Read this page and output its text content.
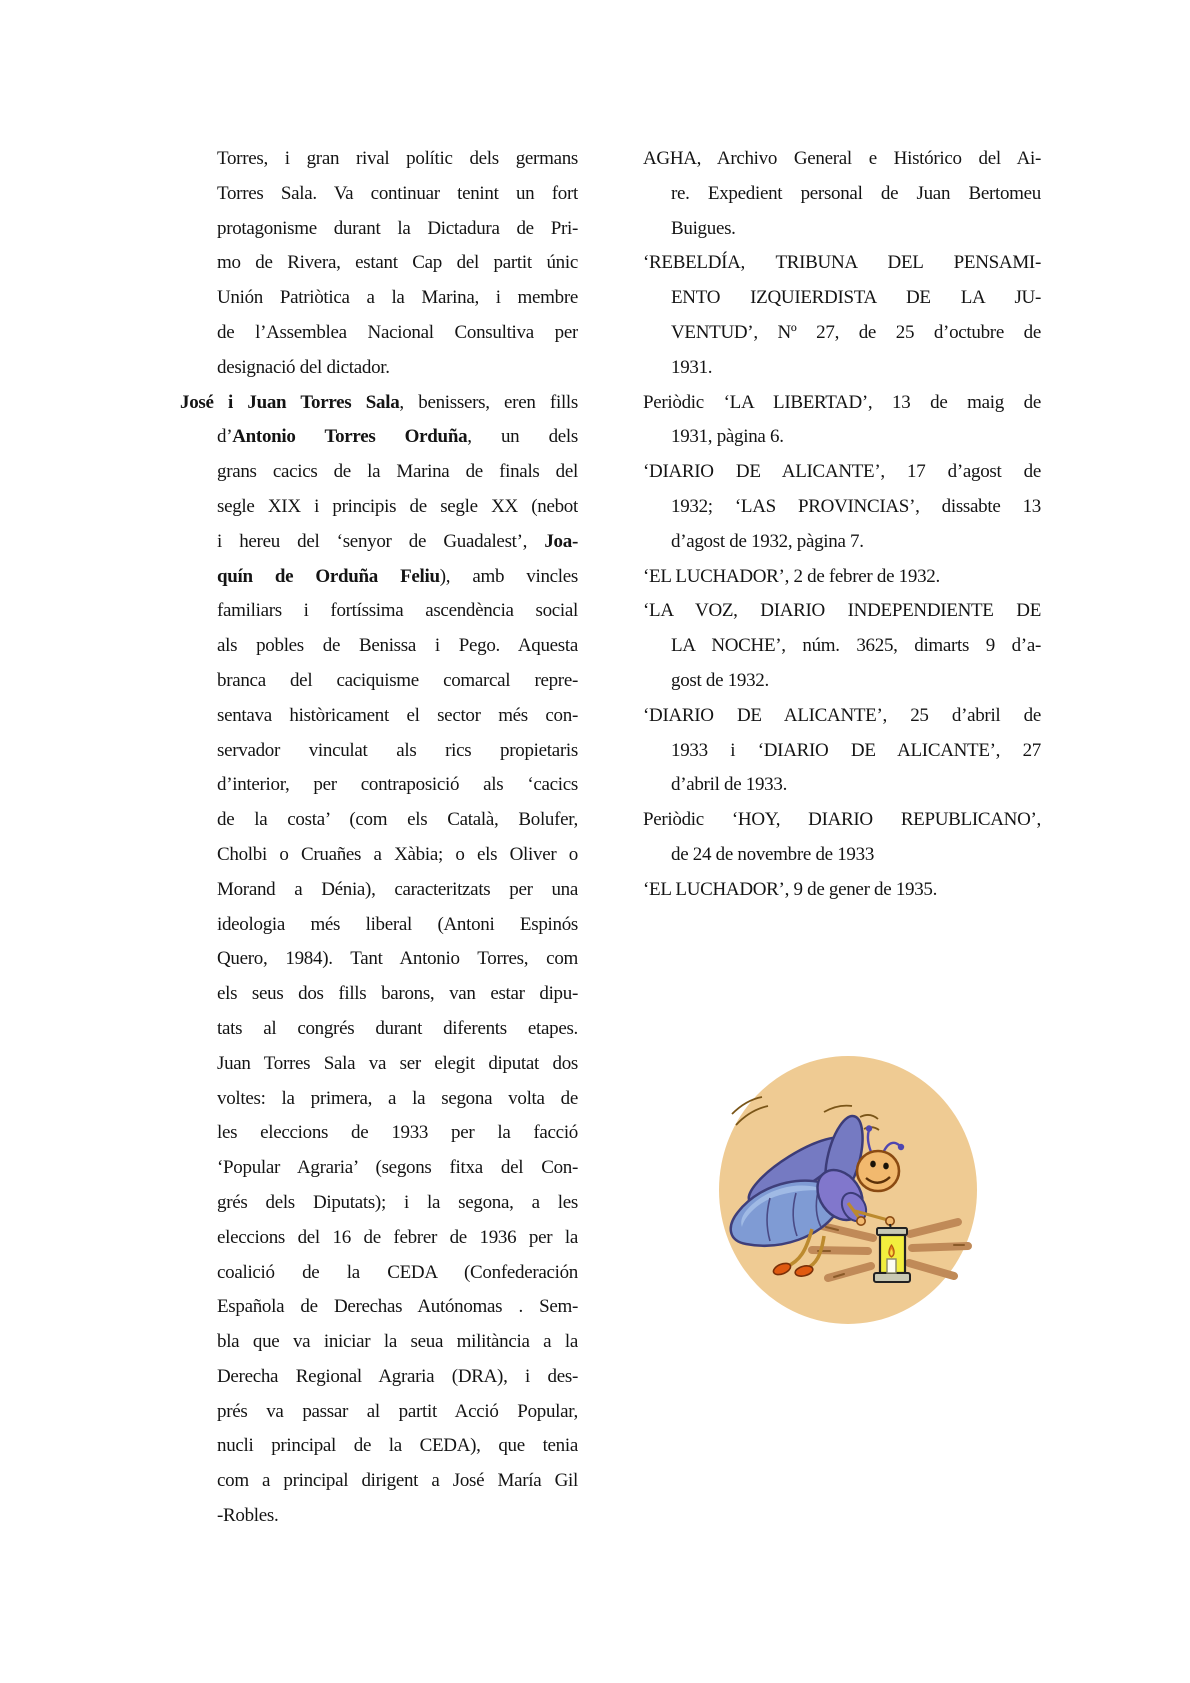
Torres, i gran rival polític dels germans
Torres Sala. Va continuar tenint un fort
protagonisme durant la Dictadura de Pri-
mo de Rivera, estant Cap del partit únic
Unión Patriòtica a la Marina, i membre
de l’Assemblea Nacional Consultiva per
designació del dictador.
José i Juan Torres Sala, benissers, eren fills
d’Antonio Torres Orduña, un dels
grans cacics de la Marina de finals del
segle XIX i principis de segle XX (nebot
i hereu del ‘senyor de Guadalest’, Joa-
quín de Orduña Feliu), amb vincles
familiars i fortíssima ascendència social
als pobles de Benissa i Pego. Aquesta
branca del caciquisme comarcal repre-
sentava històricament el sector més con-
servador vinculat als rics propietaris
d’interior, per contraposició als ‘cacics
de la costa’ (com els Català, Bolufer,
Cholbi o Cruañes a Xàbia; o els Oliver o
Morand a Dénia), caracteritzats per una
ideologia més liberal (Antoni Espinós
Quero, 1984). Tant Antonio Torres, com
els seus dos fills barons, van estar dipu-
tats al congrés durant diferents etapes.
Juan Torres Sala va ser elegit diputat dos
voltes: la primera, a la segona volta de
les eleccions de 1933 per la facció
‘Popular Agraria’ (segons fitxa del Con-
grés dels Diputats); i la segona, a les
eleccions del 16 de febrer de 1936 per la
coalició de la CEDA (Confederación
Española de Derechas Autónomas . Sem-
bla que va iniciar la seua militància a la
Derecha Regional Agraria (DRA), i des-
prés va passar al partit Acció Popular,
nucli principal de la CEDA), que tenia
com a principal dirigent a José María Gil
-Robles.
AGHA, Archivo General e Histórico del Ai-
re. Expedient personal de Juan Bertomeu
Buigues.
‘REBELDÍA, TRIBUNA DEL PENSAMI-
ENTO IZQUIERDISTA DE LA JU-
VENTUD’, Nº 27, de 25 d’octubre de
1931.
Periòdic ‘LA LIBERTAD’, 13 de maig de
1931, pàgina 6.
‘DIARIO DE ALICANTE’, 17 d’agost de
1932; ‘LAS PROVINCIAS’, dissabte 13
d’agost de 1932, pàgina 7.
‘EL LUCHADOR’, 2 de febrer de 1932.
‘LA VOZ, DIARIO INDEPENDIENTE DE
LA NOCHE’, núm. 3625, dimarts 9 d’a-
gost de 1932.
‘DIARIO DE ALICANTE’, 25 d’abril de
1933 i ‘DIARIO DE ALICANTE’, 27
d’abril de 1933.
Periòdic ‘HOY, DIARIO REPUBLICANO’,
de 24 de novembre de 1933
‘EL LUCHADOR’, 9 de gener de 1935.
